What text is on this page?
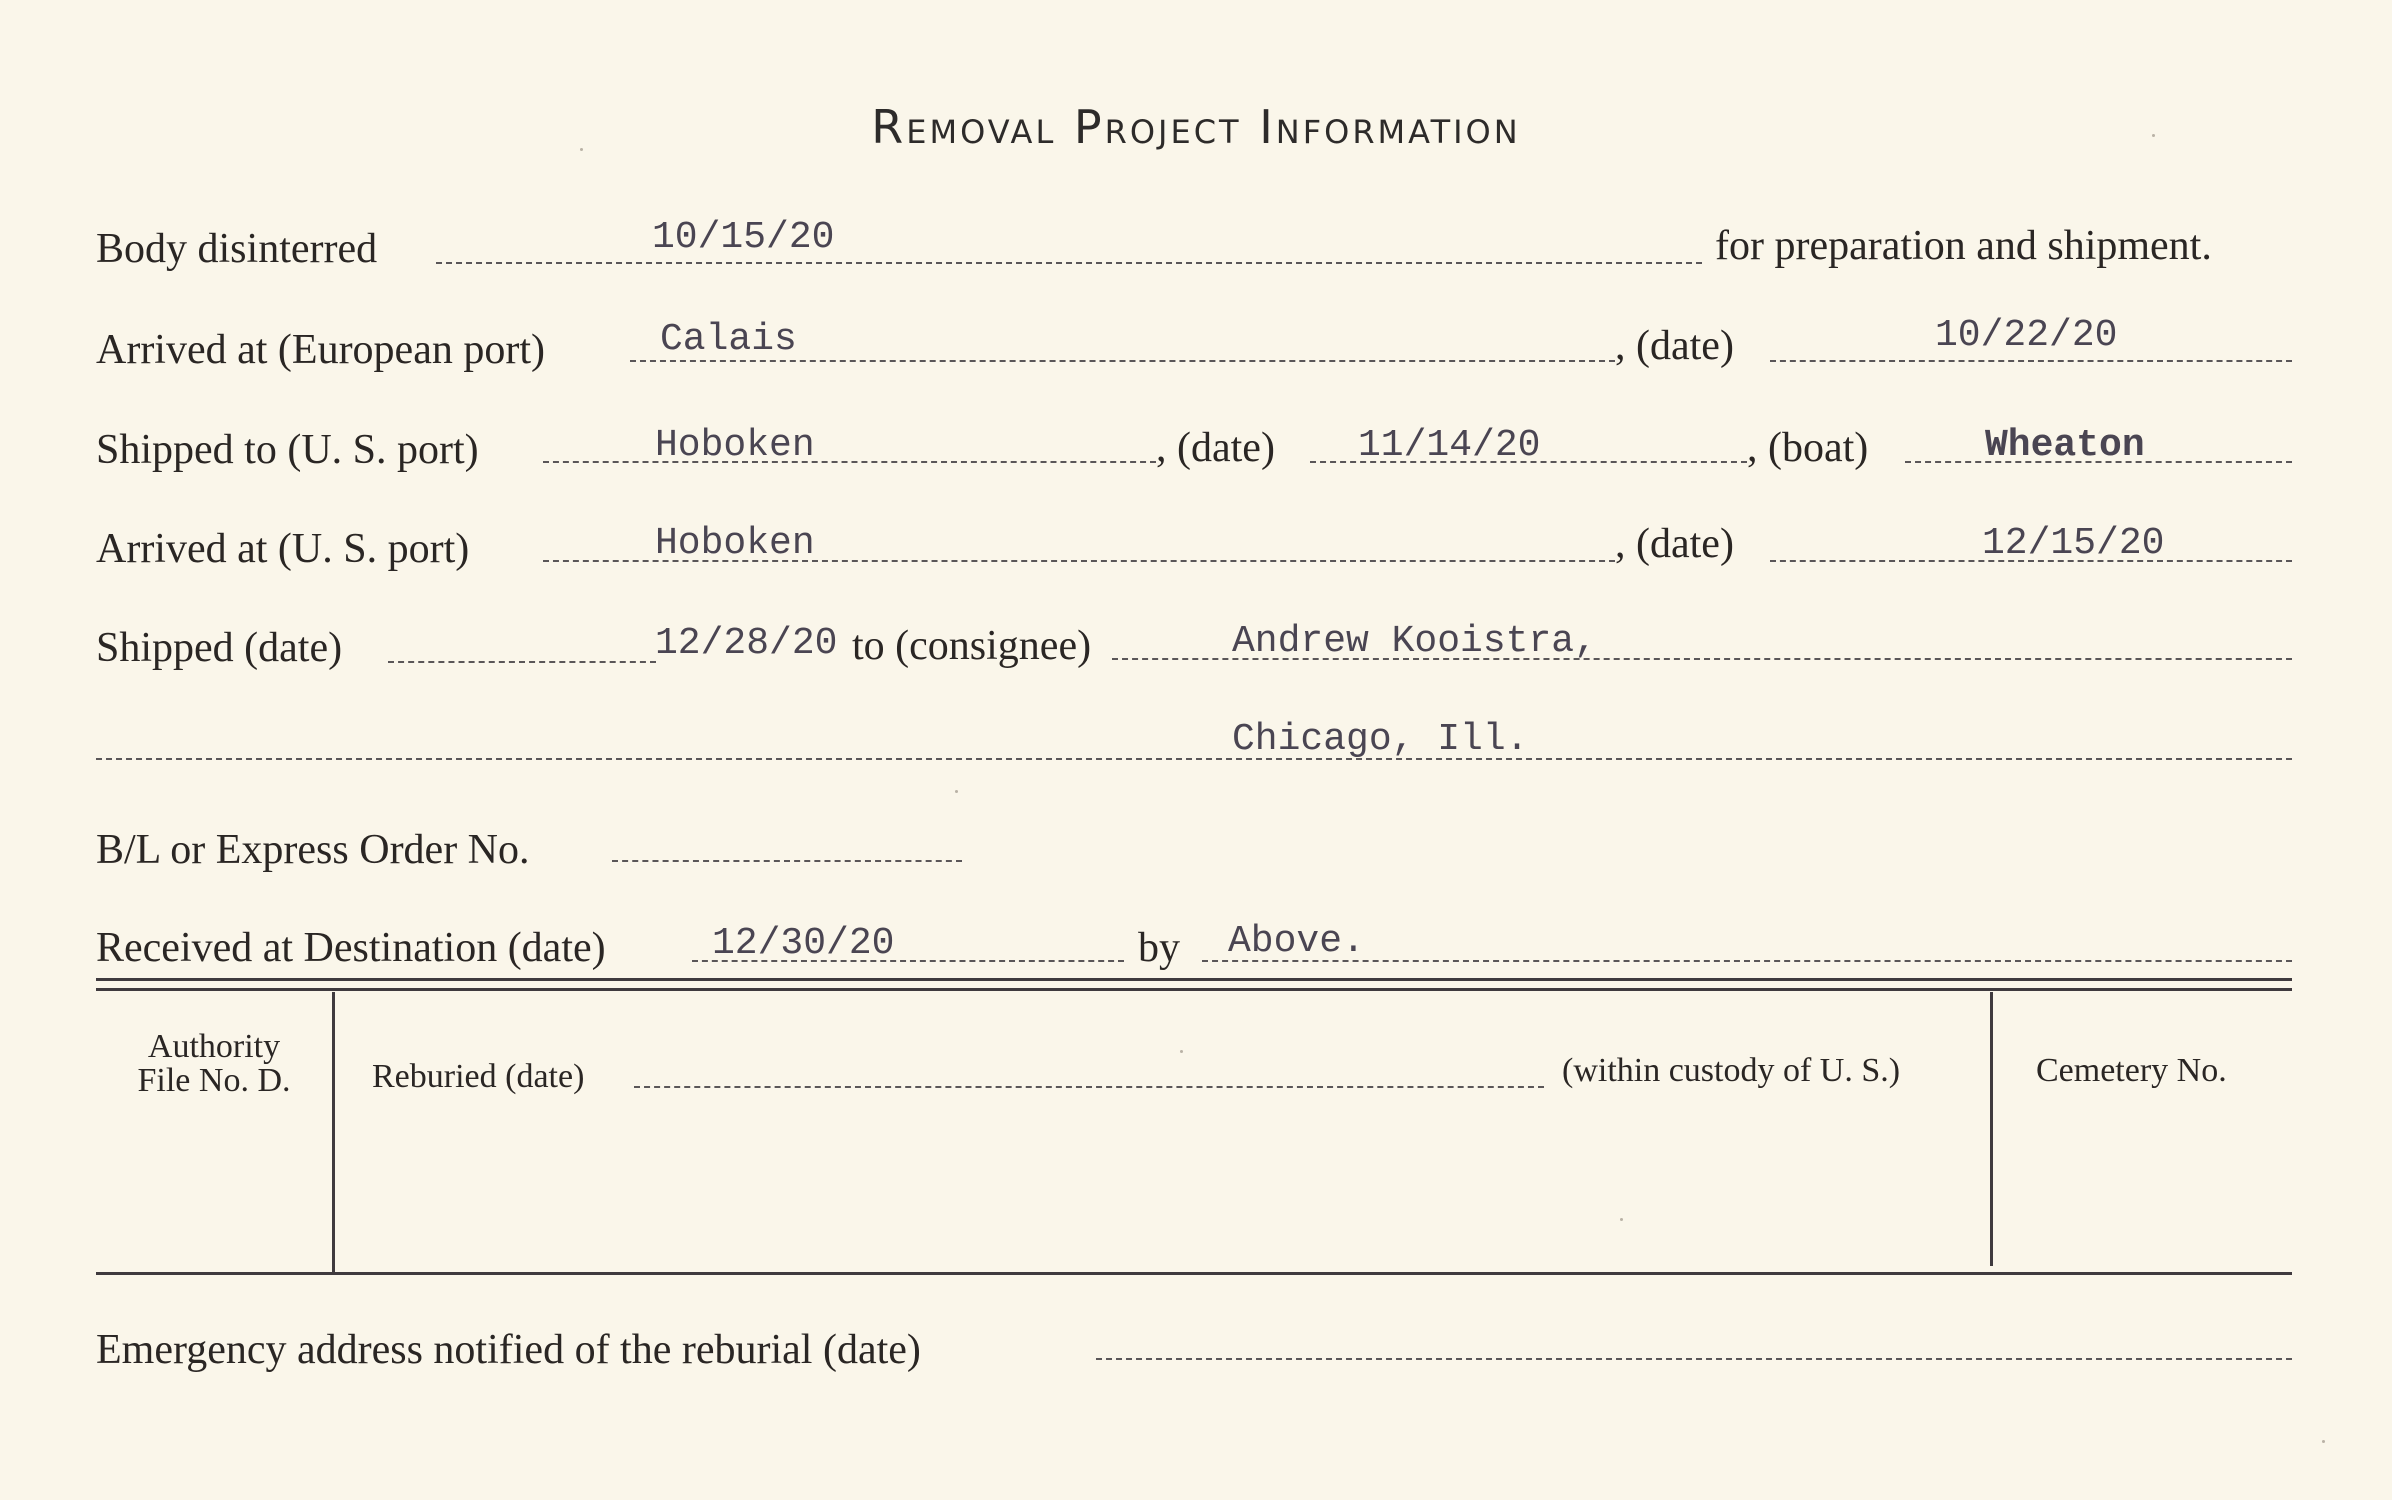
Removal Project Information
Body disinterred	10/15/20	for preparation and shipment.
Arrived at (European port)	Calais	, (date)	10/22/20
Shipped to (U. S. port)	Hoboken	, (date) 11/14/20	, (boat)	Wheaton
Arrived at (U. S. port)	Hoboken	, (date)	12/15/20
Shipped (date)	12/28/20 to (consignee)	Andrew Kooistra,
Chicago, Ill.
B/L or Express Order No.
Received at Destination (date)	12/30/20	by Above.
Authority
File No. D.	Reburied (date)	(within custody of U. S.)	Cemetery No.
Emergency address notified of the reburial (date)
